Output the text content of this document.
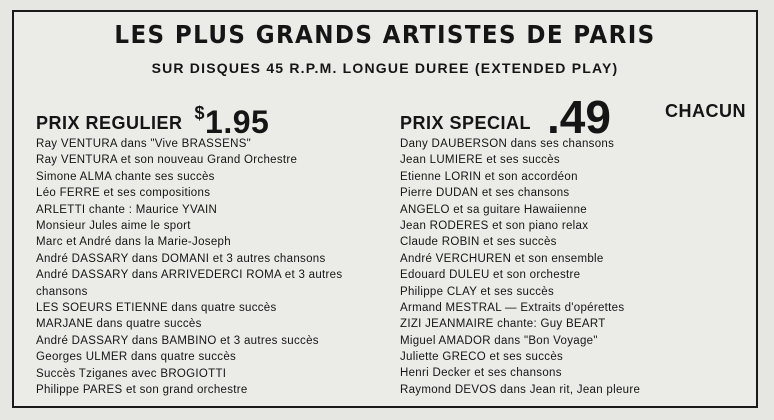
LES PLUS GRANDS ARTISTES DE PARIS
SUR DISQUES 45 R.P.M. LONGUE DUREE (EXTENDED PLAY)
PRIX REGULIER $1.95	PRIX SPECIAL .49	CHACUN
Ray VENTURA dans "Vive BRASSENS"
Ray VENTURA et son nouveau Grand Orchestre
Simone ALMA chante ses succès
Léo FERRE et ses compositions
ARLETTI chante : Maurice YVAIN
Monsieur Jules aime le sport
Marc et André dans la Marie-Joseph
André DASSARY dans DOMANI et 3 autres chansons
André DASSARY dans ARRIVEDERCI ROMA et 3 autres chansons
LES SOEURS ETIENNE dans quatre succès
MARJANE dans quatre succès
André DASSARY dans BAMBINO et 3 autres succès
Georges ULMER dans quatre succès
Succès Tziganes avec BROGIOTTI
Philippe PARES et son grand orchestre
Dany DAUBERSON dans ses chansons
Jean LUMIERE et ses succès
Etienne LORIN et son accordéon
Pierre DUDAN et ses chansons
ANGELO et sa guitare Hawaiienne
Jean RODERES et son piano relax
Claude ROBIN et ses succès
André VERCHUREN et son ensemble
Edouard DULEU et son orchestre
Philippe CLAY et ses succès
Armand MESTRAL — Extraits d'opérettes
ZIZI JEANMAIRE chante: Guy BEART
Miguel AMADOR dans "Bon Voyage"
Juliette GRECO et ses succès
Henri Decker et ses chansons
Raymond DEVOS dans Jean rit, Jean pleure
